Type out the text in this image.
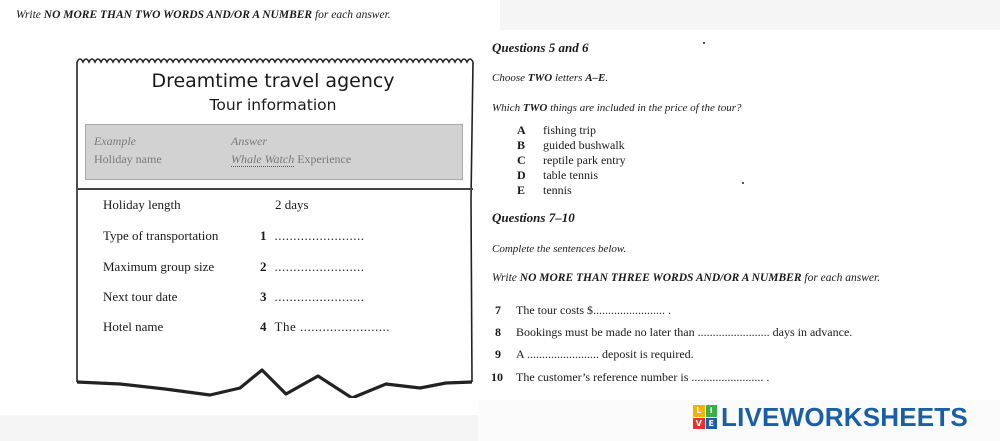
Write NO MORE THAN TWO WORDS AND/OR A NUMBER for each answer.
Dreamtime travel agency
Tour information
Example	Answer
Holiday name	Whale Watch Experience
Holiday length	2 days
Type of transportation	1 ........................
Maximum group size	2 ........................
Next tour date	3 ........................
Hotel name	4 The ........................
Questions 5 and 6
Choose TWO letters A–E.
Which TWO things are included in the price of the tour?
A fishing trip
B guided bushwalk
C reptile park entry
D table tennis
E tennis
Questions 7–10
Complete the sentences below.
Write NO MORE THAN THREE WORDS AND/OR A NUMBER for each answer.
7 The tour costs $........................ .
8 Bookings must be made no later than ........................ days in advance.
9 A ........................ deposit is required.
10 The customer’s reference number is ........................ .
L	I
V E LIVEWORKSHEETS
